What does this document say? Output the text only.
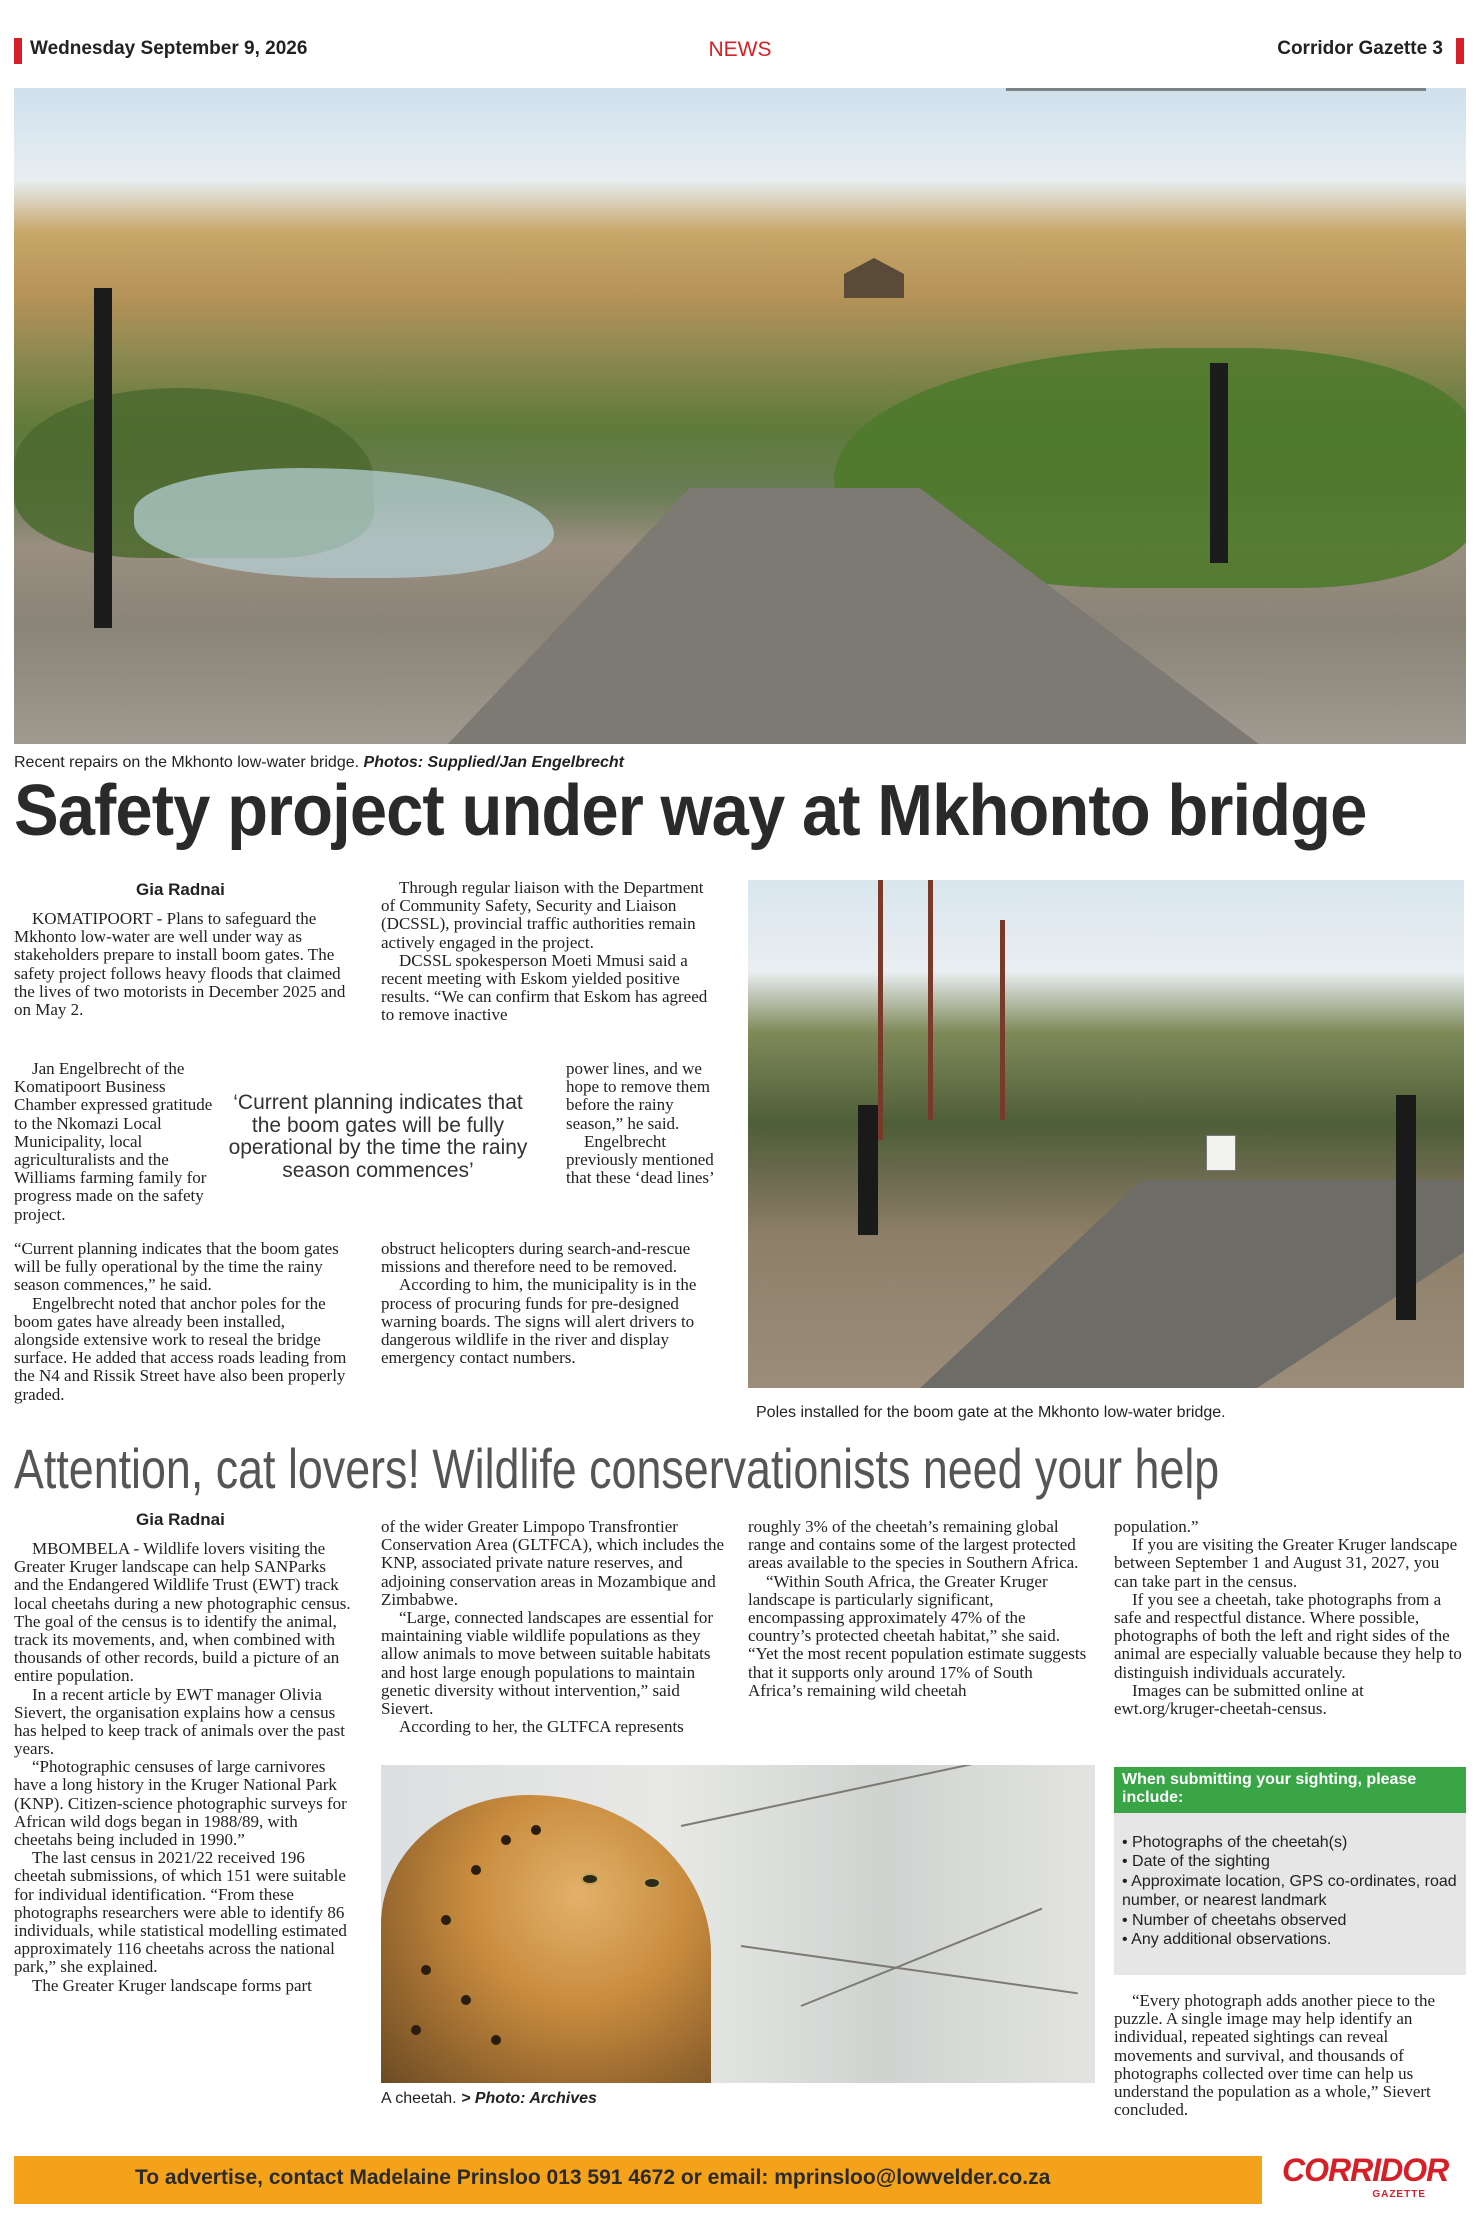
Wednesday September 9, 2026	NEWS	Corridor Gazette 3
Recent repairs on the Mkhonto low-water bridge. Photos: Supplied/Jan Engelbrecht
Safety project under way at Mkhonto bridge
Gia Radnai

KOMATIPOORT - Plans to safeguard the Mkhonto low-water are well under way as stakeholders prepare to install boom gates. The safety project follows heavy floods that claimed the lives of two motorists in December 2025 and on May 2.

Jan Engelbrecht of the Komatipoort Business Chamber expressed gratitude to the Nkomazi Local Municipality, local agriculturalists and the Williams farming family for progress made on the safety project.

“Current planning indicates that the boom gates will be fully operational by the time the rainy season commences,” he said.

Engelbrecht noted that anchor poles for the boom gates have already been installed, alongside extensive work to reseal the bridge surface. He added that access roads leading from the N4 and Rissik Street have also been properly graded.

‘Current planning indicates that the boom gates will be fully operational by the time the rainy season commences’

Through regular liaison with the Department of Community Safety, Security and Liaison (DCSSL), provincial traffic authorities remain actively engaged in the project.

DCSSL spokesperson Moeti Mmusi said a recent meeting with Eskom yielded positive results. “We can confirm that Eskom has agreed to remove inactive

power lines, and we hope to remove them before the rainy season,” he said.

Engelbrecht previously mentioned that these ‘dead lines’

obstruct helicopters during search-and-rescue missions and therefore need to be removed.

According to him, the municipality is in the process of procuring funds for pre-designed warning boards. The signs will alert drivers to dangerous wildlife in the river and display emergency contact numbers.

Poles installed for the boom gate at the Mkhonto low-water bridge.
Attention, cat lovers! Wildlife conservationists need your help
Gia Radnai

MBOMBELA - Wildlife lovers visiting the Greater Kruger landscape can help SANParks and the Endangered Wildlife Trust (EWT) track local cheetahs during a new photographic census. The goal of the census is to identify the animal, track its movements, and, when combined with thousands of other records, build a picture of an entire population.

In a recent article by EWT manager Olivia Sievert, the organisation explains how a census has helped to keep track of animals over the past years.

“Photographic censuses of large carnivores have a long history in the Kruger National Park (KNP). Citizen-science photographic surveys for African wild dogs began in 1988/89, with cheetahs being included in 1990.”

The last census in 2021/22 received 196 cheetah submissions, of which 151 were suitable for individual identification. “From these photographs researchers were able to identify 86 individuals, while statistical modelling estimated approximately 116 cheetahs across the national park,” she explained.

The Greater Kruger landscape forms part

of the wider Greater Limpopo Transfrontier Conservation Area (GLTFCA), which includes the KNP, associated private nature reserves, and adjoining conservation areas in Mozambique and Zimbabwe.

“Large, connected landscapes are essential for maintaining viable wildlife populations as they allow animals to move between suitable habitats and host large enough populations to maintain genetic diversity without intervention,” said Sievert.

According to her, the GLTFCA represents

roughly 3% of the cheetah’s remaining global range and contains some of the largest protected areas available to the species in Southern Africa.

“Within South Africa, the Greater Kruger landscape is particularly significant, encompassing approximately 47% of the country’s protected cheetah habitat,” she said. “Yet the most recent population estimate suggests that it supports only around 17% of South Africa’s remaining wild cheetah

A cheetah. > Photo: Archives

population.”

If you are visiting the Greater Kruger landscape between September 1 and August 31, 2027, you can take part in the census.

If you see a cheetah, take photographs from a safe and respectful distance. Where possible, photographs of both the left and right sides of the animal are especially valuable because they help to distinguish individuals accurately.

Images can be submitted online at ewt.org/kruger-cheetah-census.

When submitting your sighting, please include:
• Photographs of the cheetah(s)
• Date of the sighting
• Approximate location, GPS co-ordinates, road number, or nearest landmark
• Number of cheetahs observed
• Any additional observations.

“Every photograph adds another piece to the puzzle. A single image may help identify an individual, repeated sightings can reveal movements and survival, and thousands of photographs collected over time can help us understand the population as a whole,” Sievert concluded.

To advertise, contact Madelaine Prinsloo 013 591 4672 or email: mprinsloo@lowvelder.co.za	CORRIDOR
GAZETTE
